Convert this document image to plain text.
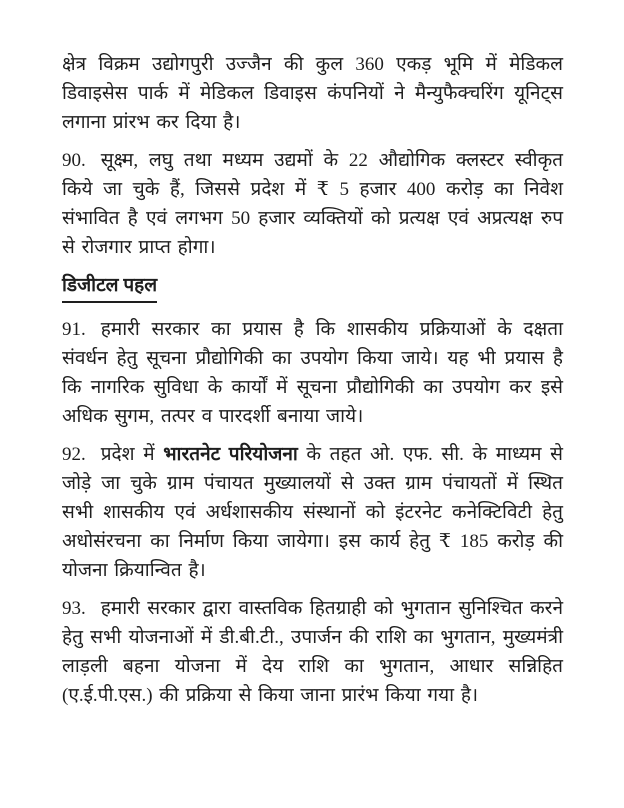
क्षेत्र विक्रम उद्योगपुरी उज्जैन की कुल 360 एकड़ भूमि में मेडिकल डिवाइसेस पार्क में मेडिकल डिवाइस कंपनियों ने मैन्युफैक्चरिंग यूनिट्स लगाना प्रांरभ कर दिया है।

90. सूक्ष्म, लघु तथा मध्यम उद्यमों के 22 औद्योगिक क्लस्टर स्वीकृत किये जा चुके हैं, जिससे प्रदेश में ₹ 5 हजार 400 करोड़ का निवेश संभावित है एवं लगभग 50 हजार व्यक्तियों को प्रत्यक्ष एवं अप्रत्यक्ष रुप से रोजगार प्राप्त होगा।

डिजीटल पहल

91. हमारी सरकार का प्रयास है कि शासकीय प्रक्रियाओं के दक्षता संवर्धन हेतु सूचना प्रौद्योगिकी का उपयोग किया जाये। यह भी प्रयास है कि नागरिक सुविधा के कार्यों में सूचना प्रौद्योगिकी का उपयोग कर इसे अधिक सुगम, तत्पर व पारदर्शी बनाया जाये।

92. प्रदेश में भारतनेट परियोजना के तहत ओ. एफ. सी. के माध्यम से जोड़े जा चुके ग्राम पंचायत मुख्यालयों से उक्त ग्राम पंचायतों में स्थित सभी शासकीय एवं अर्धशासकीय संस्थानों को इंटरनेट कनेक्टिविटी हेतु अधोसंरचना का निर्माण किया जायेगा। इस कार्य हेतु ₹ 185 करोड़ की योजना क्रियान्वित है।

93. हमारी सरकार द्वारा वास्तविक हितग्राही को भुगतान सुनिश्चित करने हेतु सभी योजनाओं में डी.बी.टी., उपार्जन की राशि का भुगतान, मुख्यमंत्री लाड़ली बहना योजना में देय राशि का भुगतान, आधार सन्निहित (ए.ई.पी.एस.) की प्रक्रिया से किया जाना प्रारंभ किया गया है।
